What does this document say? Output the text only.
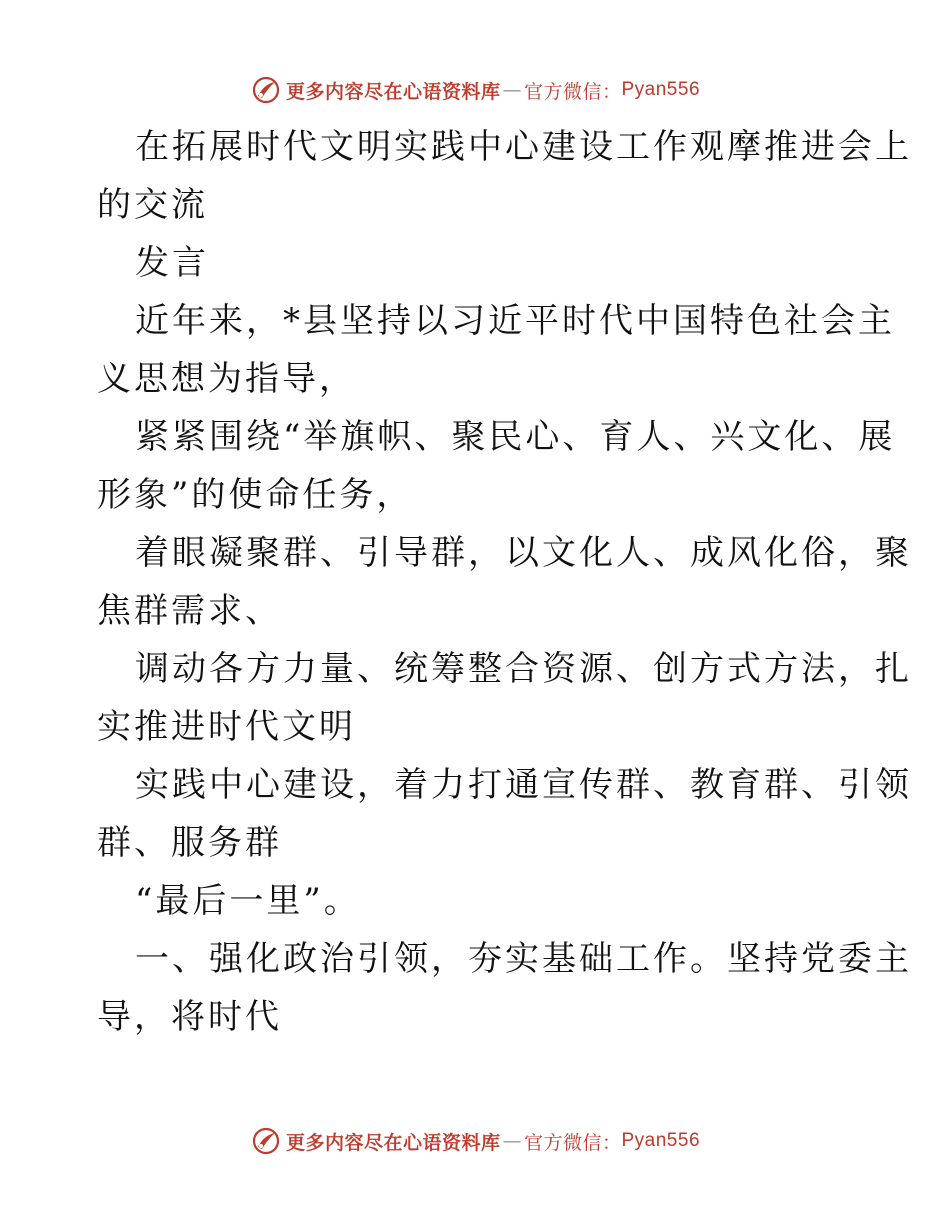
更多内容尽在心语资料库 — 官方微信： Pyan556
在拓展时代文明实践中心建设工作观摩推进会上
的交流
发言
近年来，*县坚持以习近平时代中国特色社会主
义思想为指导，
紧紧围绕“举旗帜、聚民心、育人、兴文化、展
形象”的使命任务，
着眼凝聚群、引导群，以文化人、成风化俗，聚
焦群需求、
调动各方力量、统筹整合资源、创方式方法，扎
实推进时代文明
实践中心建设，着力打通宣传群、教育群、引领
群、服务群
“最后一里”。
一、强化政治引领，夯实基础工作。坚持党委主
导，将时代
更多内容尽在心语资料库 — 官方微信： Pyan556
